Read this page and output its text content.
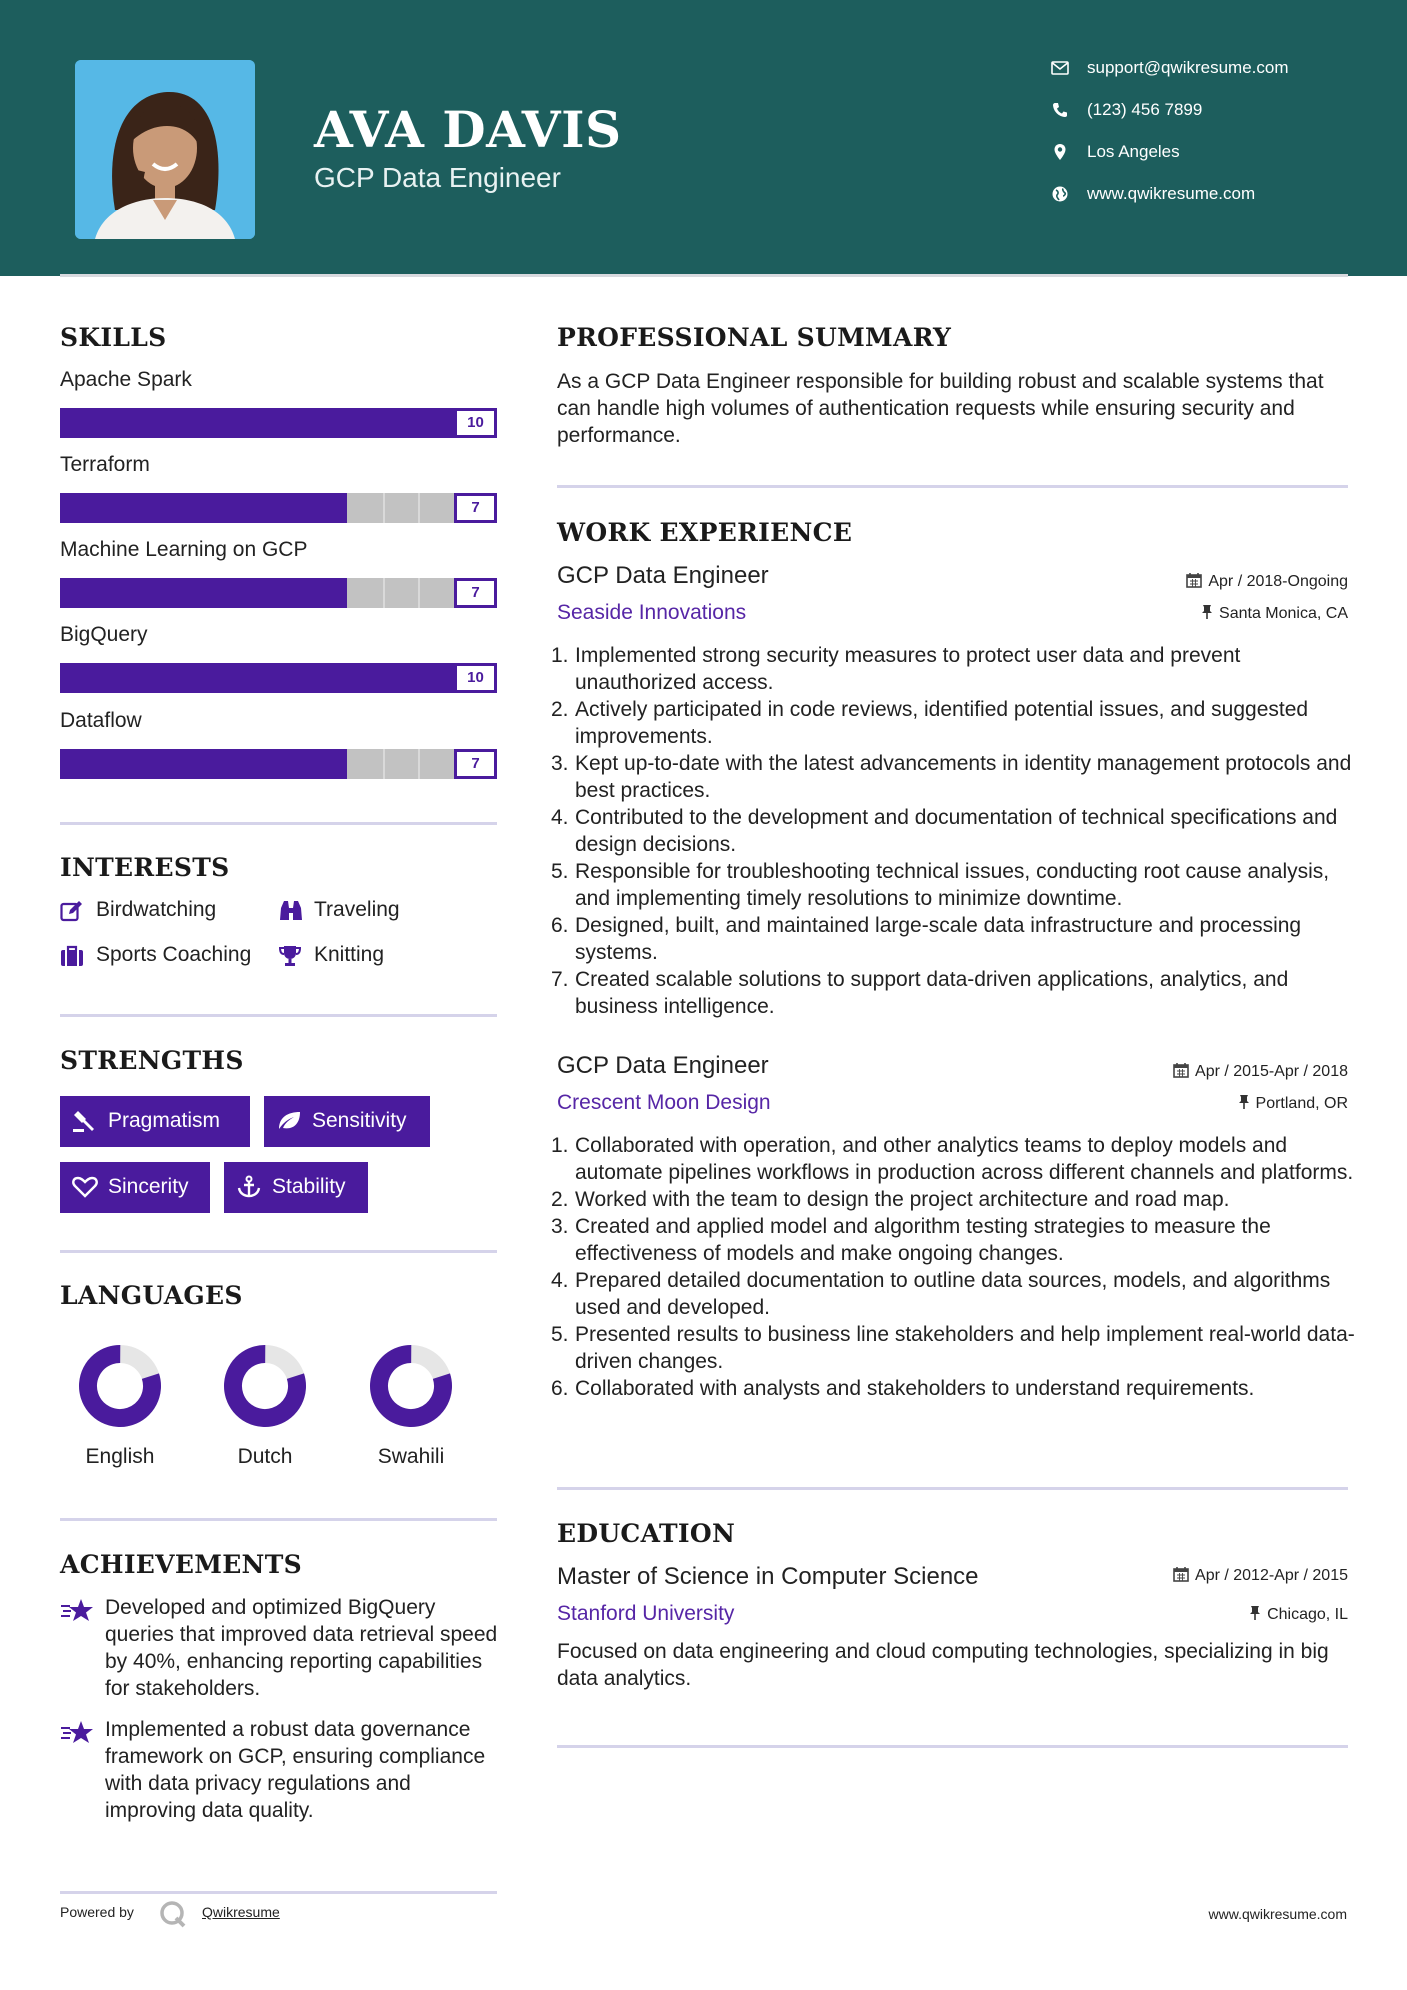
AVA DAVIS
GCP Data Engineer
support@qwikresume.com
(123) 456 7899
Los Angeles
www.qwikresume.com
SKILLS
Apache Spark
10
Terraform
7
Machine Learning on GCP
7
BigQuery
10
Dataflow
7
INTERESTS
Birdwatching	Traveling
Sports Coaching	Knitting
STRENGTHS
Pragmatism	Sensitivity
Sincerity	Stability
LANGUAGES
English	Dutch	Swahili
ACHIEVEMENTS

Developed and optimized BigQuery queries that improved data retrieval speed by 40%, enhancing reporting capabilities for stakeholders.

Implemented a robust data governance framework on GCP, ensuring compliance with data privacy regulations and improving data quality.

Powered by	Qwikresume	www.qwikresume.com
PROFESSIONAL SUMMARY
As a GCP Data Engineer responsible for building robust and scalable systems that can handle high volumes of authentication requests while ensuring security and performance.
WORK EXPERIENCE
GCP Data Engineer	Apr / 2018-Ongoing
Seaside Innovations	Santa Monica, CA
1. Implemented strong security measures to protect user data and prevent unauthorized access.
2. Actively participated in code reviews, identified potential issues, and suggested improvements.
3. Kept up-to-date with the latest advancements in identity management protocols and best practices.
4. Contributed to the development and documentation of technical specifications and design decisions.
5. Responsible for troubleshooting technical issues, conducting root cause analysis, and implementing timely resolutions to minimize downtime.
6. Designed, built, and maintained large-scale data infrastructure and processing systems.
7. Created scalable solutions to support data-driven applications, analytics, and business intelligence.
GCP Data Engineer	Apr / 2015-Apr / 2018
Crescent Moon Design	Portland, OR
1. Collaborated with operation, and other analytics teams to deploy models and automate pipelines workflows in production across different channels and platforms.
2. Worked with the team to design the project architecture and road map.
3. Created and applied model and algorithm testing strategies to measure the effectiveness of models and make ongoing changes.
4. Prepared detailed documentation to outline data sources, models, and algorithms used and developed.
5. Presented results to business line stakeholders and help implement real-world data-driven changes.
6. Collaborated with analysts and stakeholders to understand requirements.
EDUCATION
Master of Science in Computer Science	Apr / 2012-Apr / 2015
Stanford University	Chicago, IL
Focused on data engineering and cloud computing technologies, specializing in big data analytics.
